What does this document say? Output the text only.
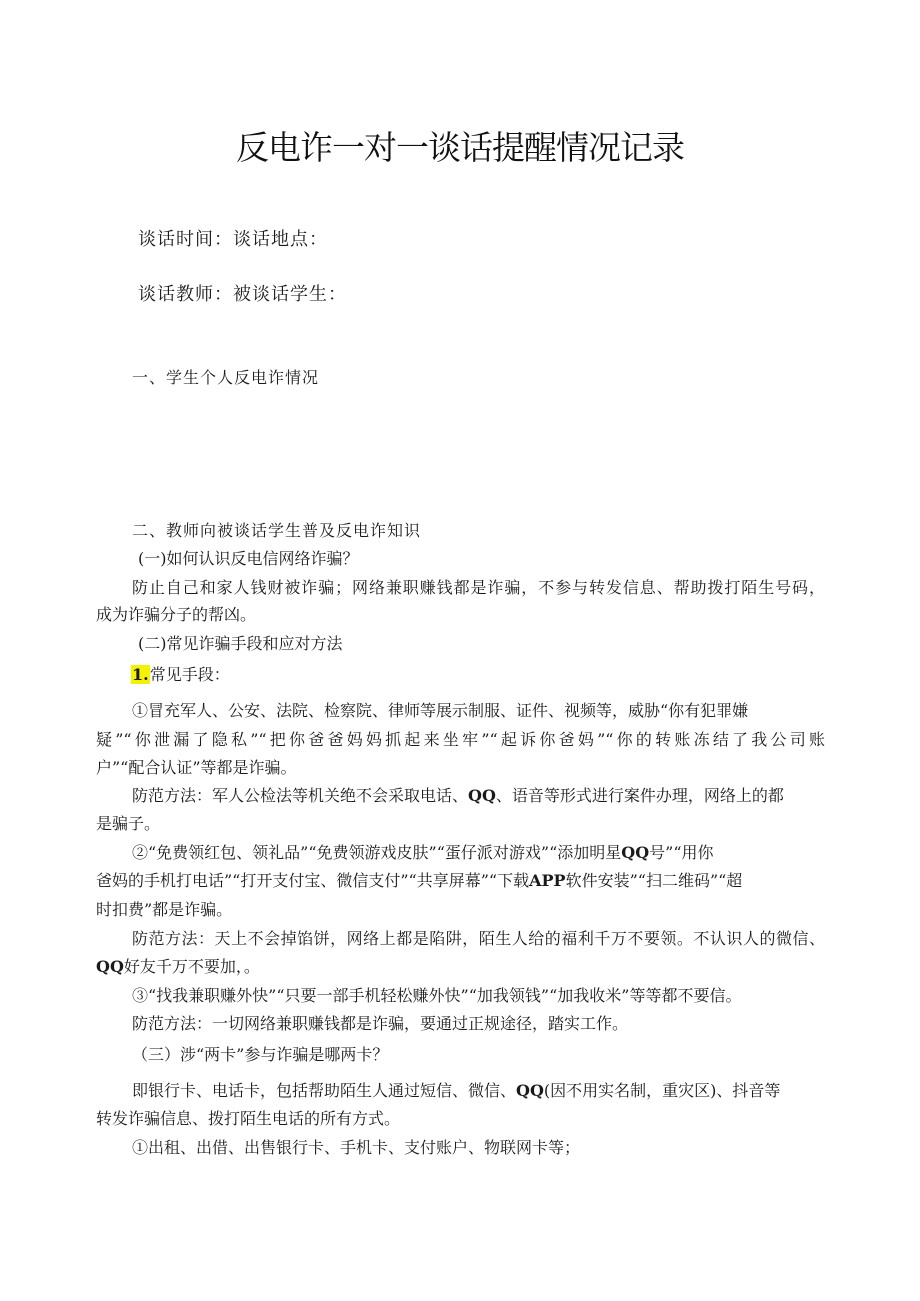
反电诈一对一谈话提醒情况记录
谈话时间：谈话地点：
谈话教师：被谈话学生：
一、学生个人反电诈情况
二、教师向被谈话学生普及反电诈知识
(一)如何认识反电信网络诈骗？
防止自己和家人钱财被诈骗；网络兼职赚钱都是诈骗，不参与转发信息、帮助拨打陌生号码，
成为诈骗分子的帮凶。
(二)常见诈骗手段和应对方法
1.常见手段：
①冒充军人、公安、法院、检察院、律师等展示制服、证件、视频等，威胁“你有犯罪嫌
疑”“你泄漏了隐私”“把你爸爸妈妈抓起来坐牢”“起诉你爸妈”“你的转账冻结了我公司账
户”“配合认证”等都是诈骗。
防范方法：军人公检法等机关绝不会采取电话、QQ、语音等形式进行案件办理，网络上的都
是骗子。
②“免费领红包、领礼品”“免费领游戏皮肤”“蛋仔派对游戏”“添加明星QQ号”“用你
爸妈的手机打电话”“打开支付宝、微信支付”“共享屏幕”“下载APP软件安装”“扫二维码”“超
时扣费”都是诈骗。
防范方法：天上不会掉馅饼，网络上都是陷阱，陌生人给的福利千万不要领。不认识人的微信、
QQ好友千万不要加，。
③“找我兼职赚外快”“只要一部手机轻松赚外快”“加我领钱”“加我收米”等等都不要信。
防范方法：一切网络兼职赚钱都是诈骗，要通过正规途径，踏实工作。
（三）涉“两卡”参与诈骗是哪两卡？
即银行卡、电话卡，包括帮助陌生人通过短信、微信、QQ(因不用实名制，重灾区)、抖音等
转发诈骗信息、拨打陌生电话的所有方式。
①出租、出借、出售银行卡、手机卡、支付账户、物联网卡等；
